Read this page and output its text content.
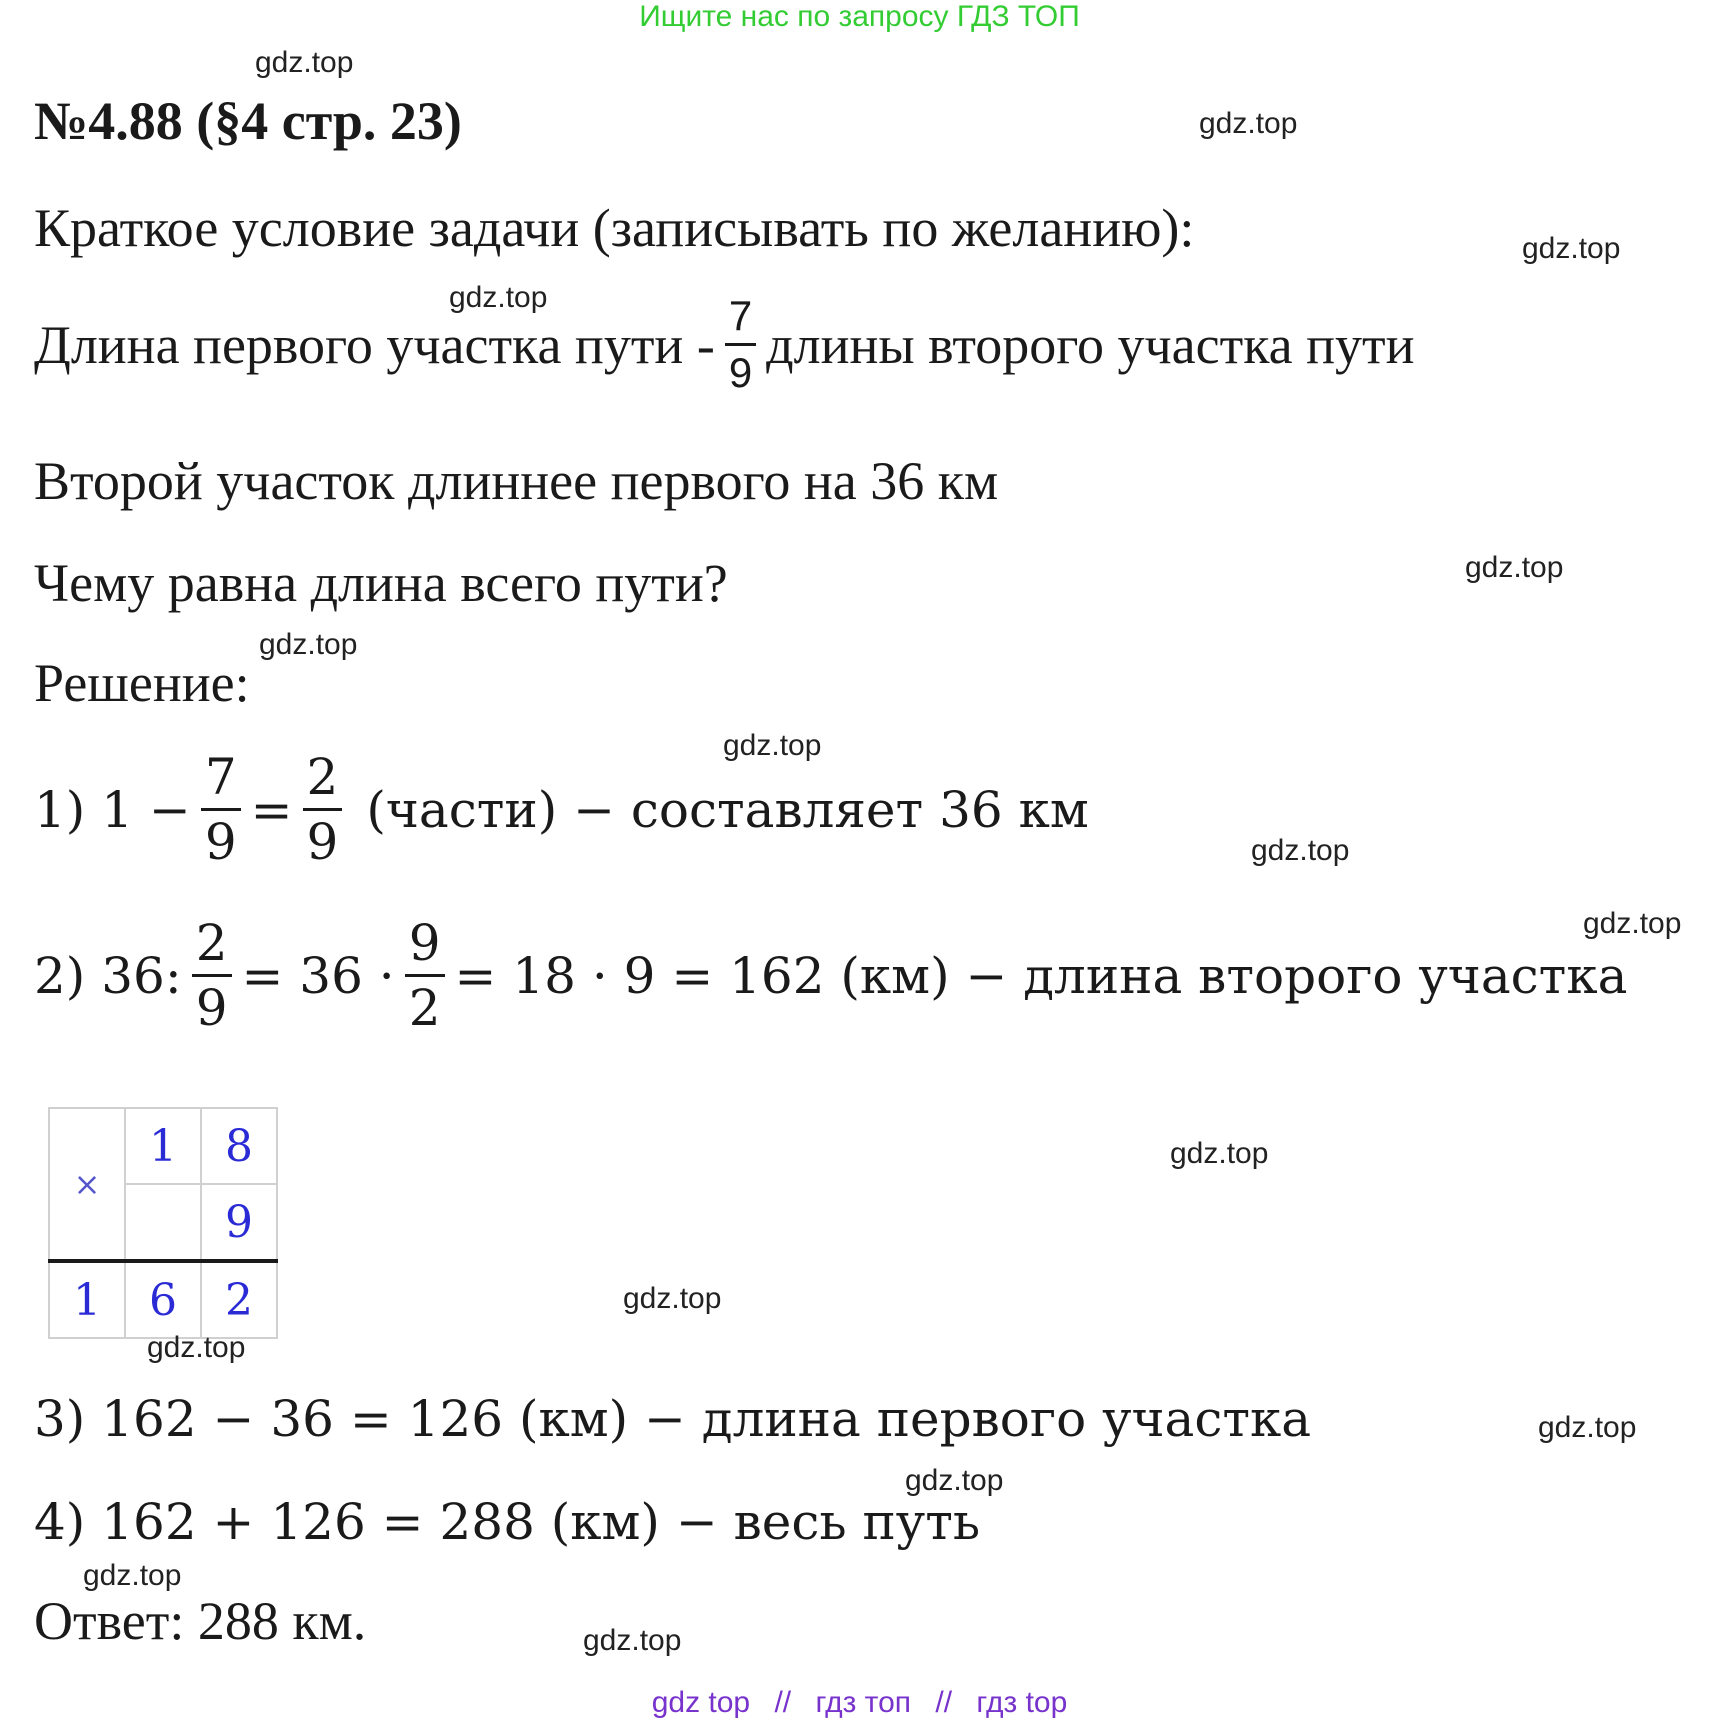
Ищите нас по запросу ГДЗ ТОП
№4.88 (§4 стр. 23)
Краткое условие задачи (записывать по желанию):
Длина первого участка пути - $\frac{7}{9}$ длины второго участка пути
Второй участок длиннее первого на 36 км
Чему равна длина всего пути?
Решение:
1) $1 - \frac{7}{9} = \frac{2}{9}$ (части) − составляет 36 км
2) 36: $\frac{2}{9} = 36 \cdot \frac{9}{2} = 18 \cdot 9 = 162$ (км) − длина второго участка
×	1	8
		9
1	6	2
3) 162 − 36 = 126 (км) − длина первого участка
4) 162 + 126 = 288 (км) − весь путь
Ответ: 288 км.
gdz.top
gdz.top
gdz.top
gdz.top
gdz.top
gdz.top
gdz.top
gdz.top
gdz.top
gdz.top
gdz.top
gdz.top
gdz.top
gdz.top
gdz.top
gdz.top
gdz top // гдз топ // гдз top
